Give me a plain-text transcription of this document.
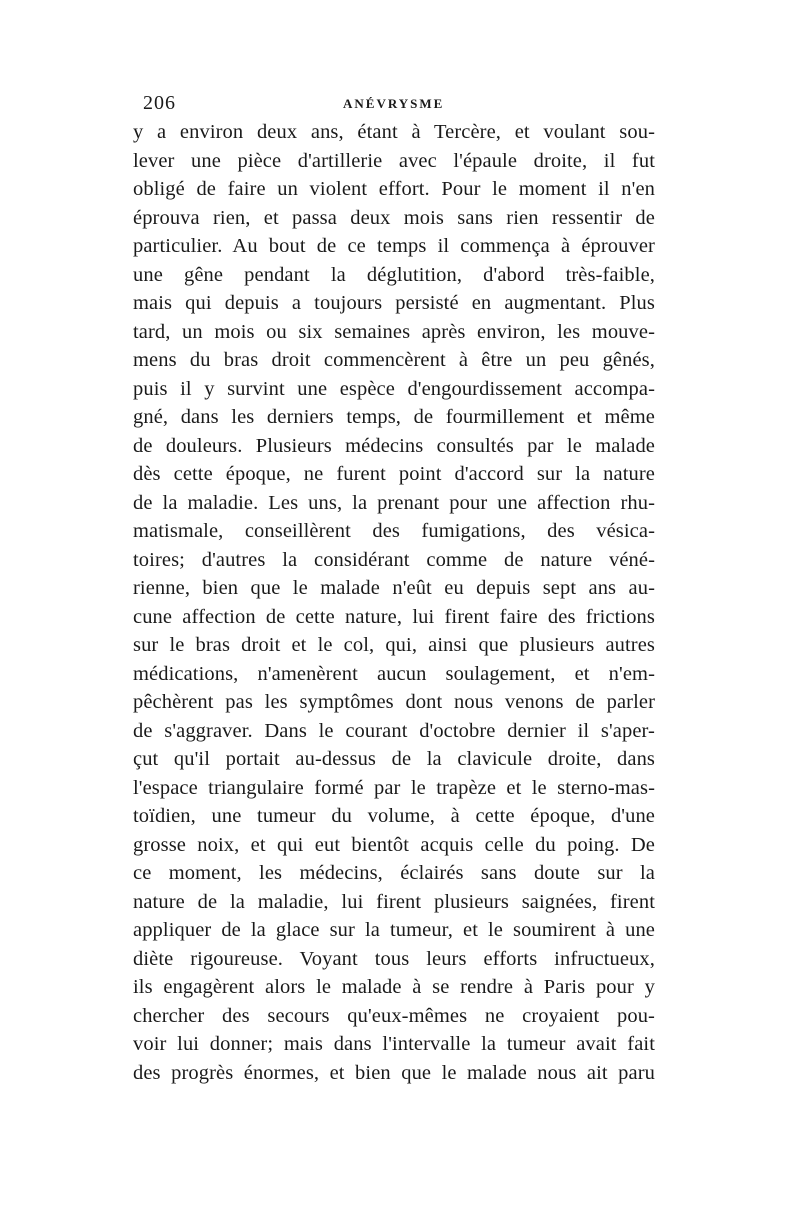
206	ANÉVRYSME
y a environ deux ans, étant à Tercère, et voulant sou-
lever une pièce d'artillerie avec l'épaule droite, il fut
obligé de faire un violent effort. Pour le moment il n'en
éprouva rien, et passa deux mois sans rien ressentir de
particulier. Au bout de ce temps il commença à éprouver
une gêne pendant la déglutition, d'abord très-faible,
mais qui depuis a toujours persisté en augmentant. Plus
tard, un mois ou six semaines après environ, les mouve-
mens du bras droit commencèrent à être un peu gênés,
puis il y survint une espèce d'engourdissement accompa-
gné, dans les derniers temps, de fourmillement et même
de douleurs. Plusieurs médecins consultés par le malade
dès cette époque, ne furent point d'accord sur la nature
de la maladie. Les uns, la prenant pour une affection rhu-
matismale, conseillèrent des fumigations, des vésica-
toires; d'autres la considérant comme de nature véné-
rienne, bien que le malade n'eût eu depuis sept ans au-
cune affection de cette nature, lui firent faire des frictions
sur le bras droit et le col, qui, ainsi que plusieurs autres
médications, n'amenèrent aucun soulagement, et n'em-
pêchèrent pas les symptômes dont nous venons de parler
de s'aggraver. Dans le courant d'octobre dernier il s'aper-
çut qu'il portait au-dessus de la clavicule droite, dans
l'espace triangulaire formé par le trapèze et le sterno-mas-
toïdien, une tumeur du volume, à cette époque, d'une
grosse noix, et qui eut bientôt acquis celle du poing. De
ce moment, les médecins, éclairés sans doute sur la
nature de la maladie, lui firent plusieurs saignées, firent
appliquer de la glace sur la tumeur, et le soumirent à une
diète rigoureuse. Voyant tous leurs efforts infructueux,
ils engagèrent alors le malade à se rendre à Paris pour y
chercher des secours qu'eux-mêmes ne croyaient pou-
voir lui donner; mais dans l'intervalle la tumeur avait fait
des progrès énormes, et bien que le malade nous ait paru
